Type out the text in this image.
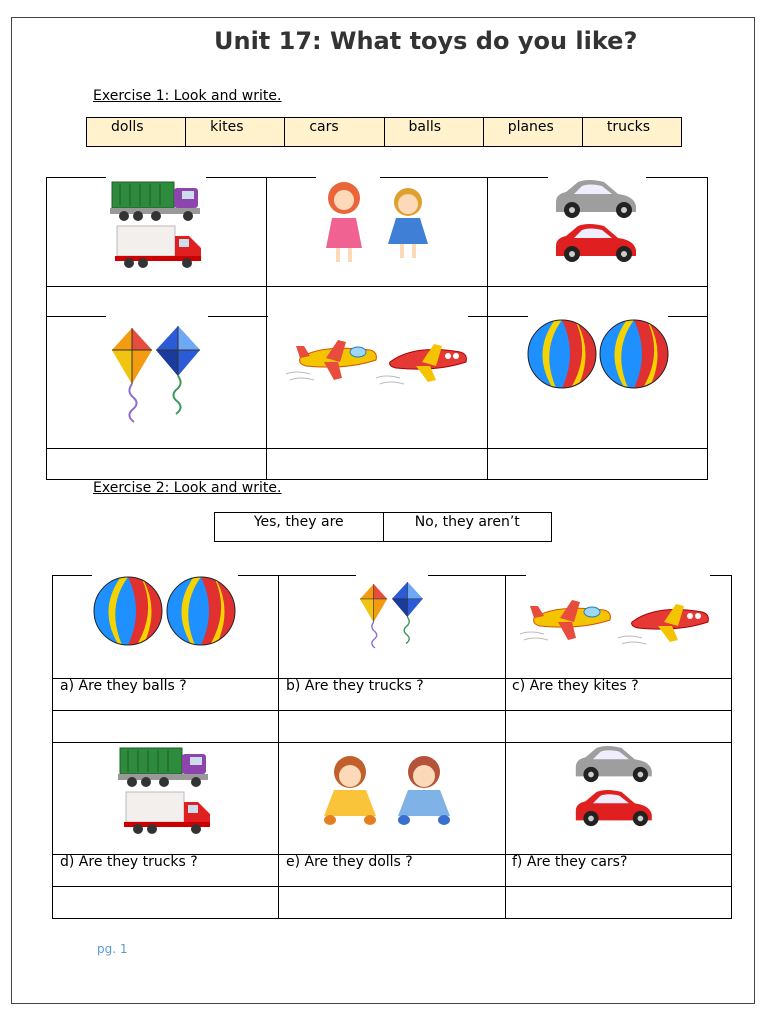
Unit 17: What toys do you like?
Exercise 1: Look and write.
dolls	kites	cars	balls	planes	trucks
Exercise 2: Look and write.
Yes, they are	No, they aren’t
a) Are they balls ?	b) Are they trucks ?	c) Are they kites ?
d) Are they trucks ?	e) Are they dolls ?	f) Are they cars?
pg. 1
